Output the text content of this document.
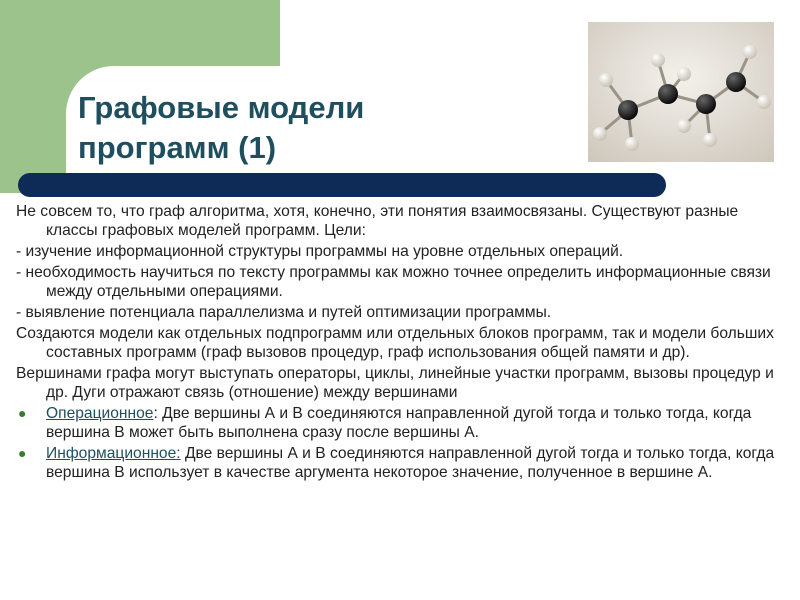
Графовые модели
программ (1)

Не совсем то, что граф алгоритма, хотя, конечно, эти понятия взаимосвязаны. Существуют разные классы графовых моделей программ. Цели:

- изучение информационной структуры программы на уровне отдельных операций.

- необходимость научиться по тексту программы как можно точнее определить информационные связи между отдельными операциями.

- выявление потенциала параллелизма и путей оптимизации программы.

Создаются модели как отдельных подпрограмм или отдельных блоков программ, так и модели больших составных программ (граф вызовов процедур, граф использования общей памяти и др).

Вершинами графа могут выступать операторы, циклы, линейные участки программ, вызовы процедур и др. Дуги отражают связь (отношение) между вершинами

● Операционное: Две вершины А и В соединяются направленной дугой тогда и только тогда, когда вершина В может быть выполнена сразу после вершины А.
● Информационное: Две вершины А и В соединяются направленной дугой тогда и только тогда, когда вершина В использует в качестве аргумента некоторое значение, полученное в вершине А.
